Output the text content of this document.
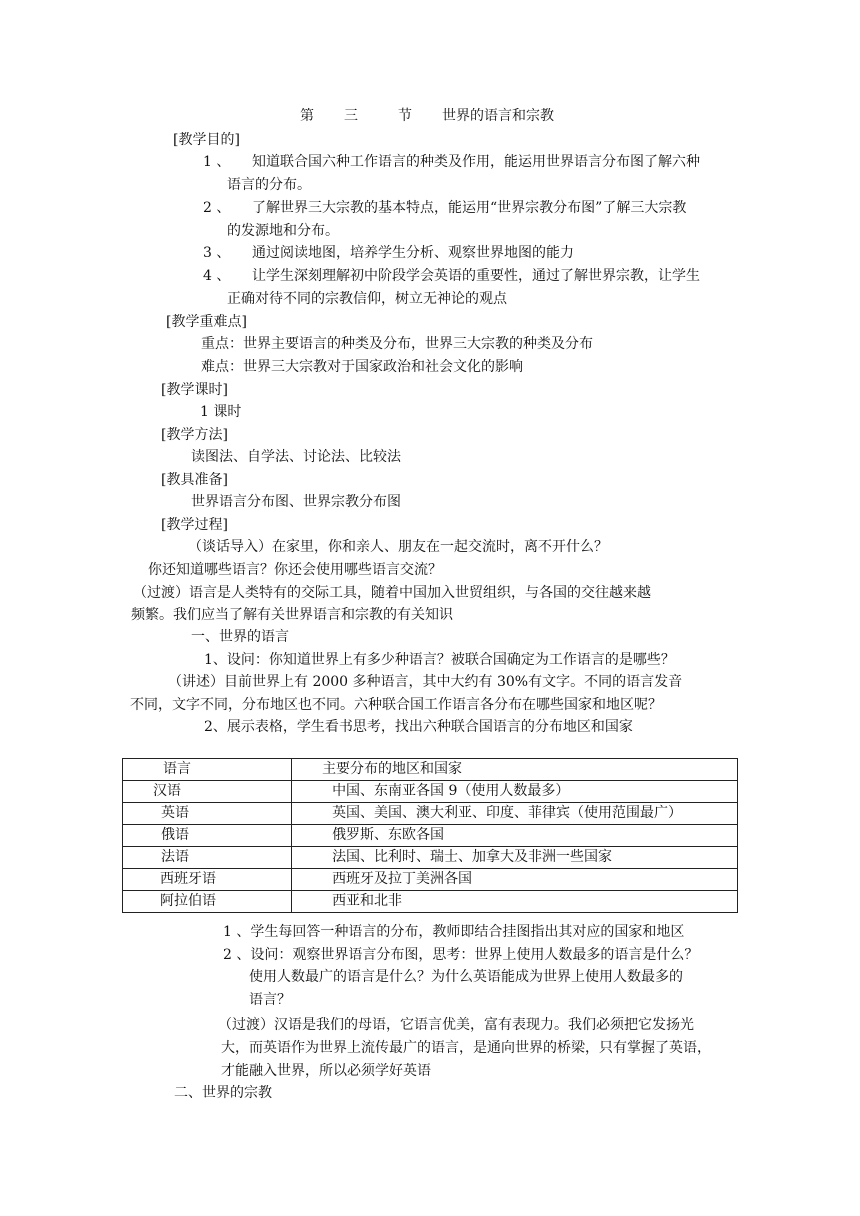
第 三	节 世界的语言和宗教
[教学目的]
1 、 知道联合国六种工作语言的种类及作用，能运用世界语言分布图了解六种
语言的分布。
2 、 了解世界三大宗教的基本特点，能运用“世界宗教分布图”了解三大宗教
的发源地和分布。
3 、 通过阅读地图，培养学生分析、观察世界地图的能力
4 、 让学生深刻理解初中阶段学会英语的重要性，通过了解世界宗教，让学生
正确对待不同的宗教信仰，树立无神论的观点
[教学重难点]
重点：世界主要语言的种类及分布，世界三大宗教的种类及分布
难点：世界三大宗教对于国家政治和社会文化的影响
[教学课时]
1 课时
[教学方法]
读图法、自学法、讨论法、比较法
[教具准备]
世界语言分布图、世界宗教分布图
[教学过程]
（谈话导入）在家里，你和亲人、朋友在一起交流时，离不开什么？
你还知道哪些语言？你还会使用哪些语言交流？
（过渡）语言是人类特有的交际工具，随着中国加入世贸组织，与各国的交往越来越
频繁。我们应当了解有关世界语言和宗教的有关知识
一、世界的语言
1、设问：你知道世界上有多少种语言？被联合国确定为工作语言的是哪些？
（讲述）目前世界上有 2000 多种语言，其中大约有 30%有文字。不同的语言发音
不同，文字不同，分布地区也不同。六种联合国工作语言各分布在哪些国家和地区呢？
2、展示表格，学生看书思考，找出六种联合国语言的分布地区和国家
语言	主要分布的地区和国家
汉语	中国、东南亚各国 9（使用人数最多）
英语	英国、美国、澳大利亚、印度、菲律宾（使用范围最广）
俄语	俄罗斯、东欧各国
法语	法国、比利时、瑞士、加拿大及非洲一些国家
西班牙语	西班牙及拉丁美洲各国
阿拉伯语	西亚和北非
1 、学生每回答一种语言的分布，教师即结合挂图指出其对应的国家和地区
2 、设问：观察世界语言分布图，思考：世界上使用人数最多的语言是什么？
使用人数最广的语言是什么？为什么英语能成为世界上使用人数最多的
语言？
（过渡）汉语是我们的母语，它语言优美，富有表现力。我们必须把它发扬光
大，而英语作为世界上流传最广的语言，是通向世界的桥梁，只有掌握了英语，
才能融入世界，所以必须学好英语
二、世界的宗教
